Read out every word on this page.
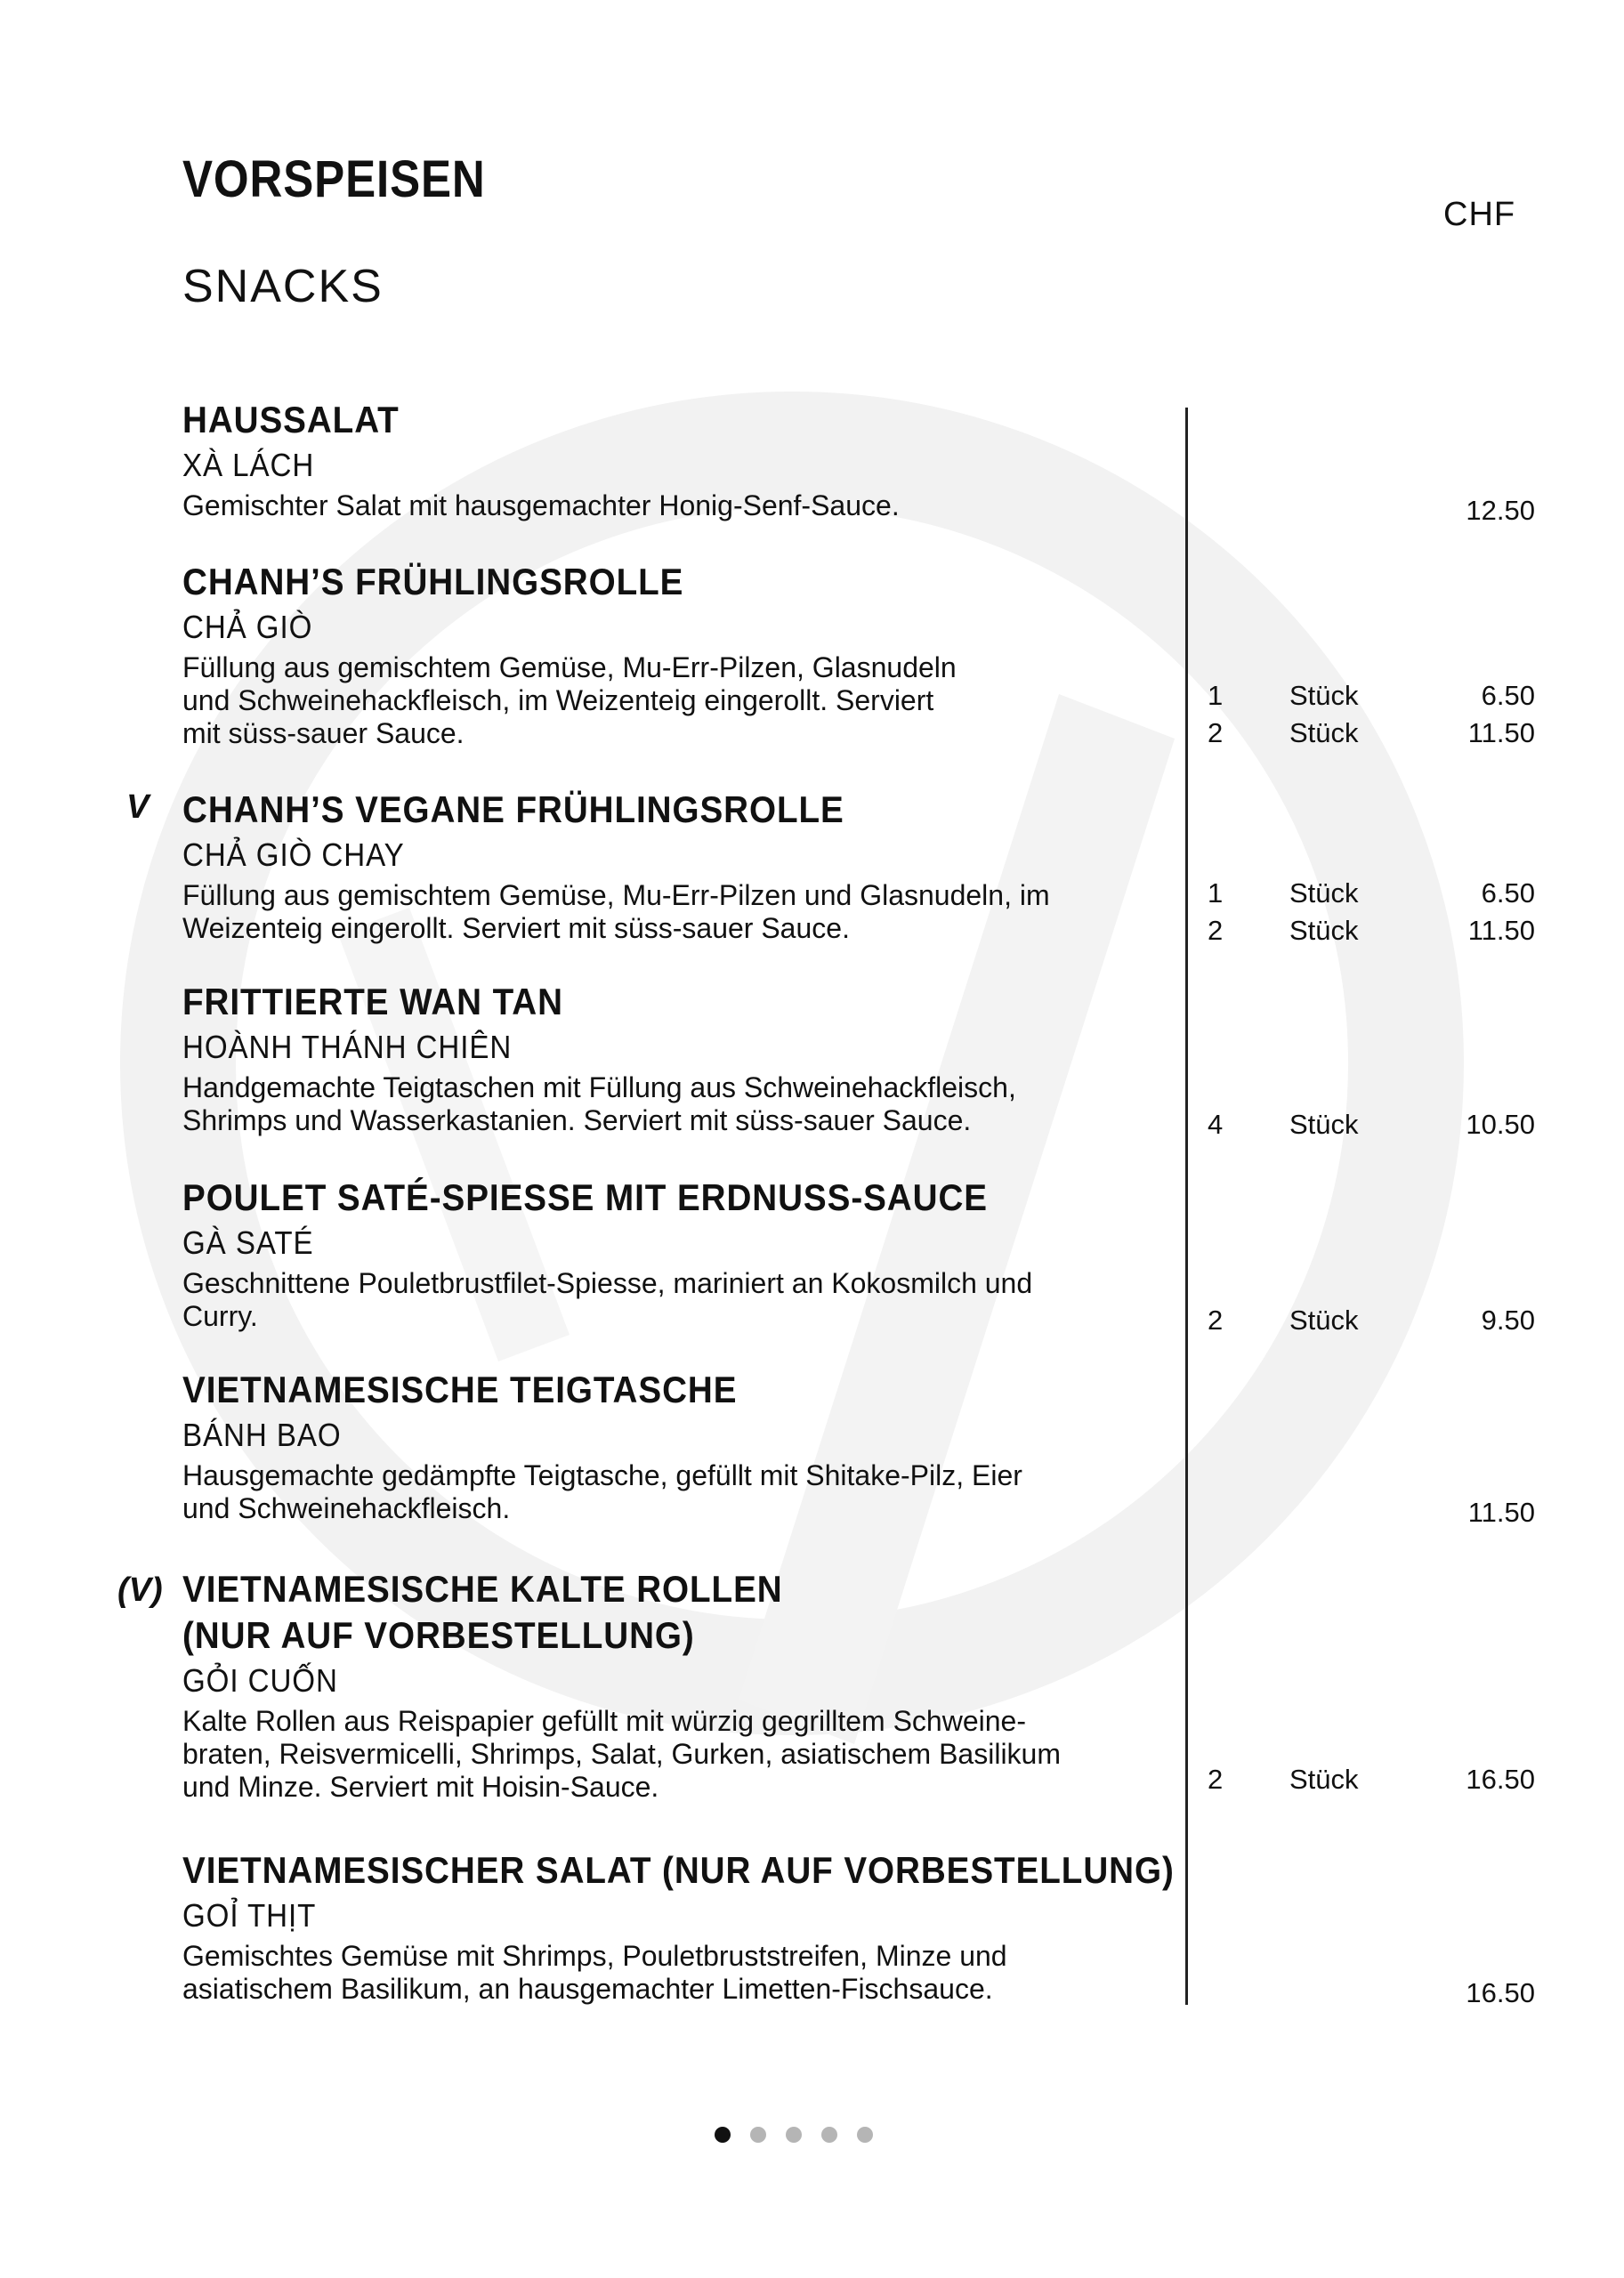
VORSPEISEN
CHF
SNACKS
HAUSSALAT
XÀ LÁCH
Gemischter Salat mit hausgemachter Honig-Senf-Sauce.	12.50
CHANH’S FRÜHLINGSROLLE
CHẢ GIÒ
Füllung aus gemischtem Gemüse, Mu-Err-Pilzen, Glasnudeln
und Schweinehackfleisch, im Weizenteig eingerollt. Serviert
mit süss-sauer Sauce.
1 Stück	6.50
2 Stück	11.50
V CHANH’S VEGANE FRÜHLINGSROLLE
CHẢ GIÒ CHAY
Füllung aus gemischtem Gemüse, Mu-Err-Pilzen und Glasnudeln, im
Weizenteig eingerollt. Serviert mit süss-sauer Sauce.
1 Stück	6.50
2 Stück	11.50
FRITTIERTE WAN TAN
HOÀNH THÁNH CHIÊN
Handgemachte Teigtaschen mit Füllung aus Schweinehackfleisch,
Shrimps und Wasserkastanien. Serviert mit süss-sauer Sauce.	4 Stück	10.50
POULET SATÉ-SPIESSE MIT ERDNUSS-SAUCE
GÀ SATÉ
Geschnittene Pouletbrustfilet-Spiesse, mariniert an Kokosmilch und
Curry.	2 Stück	9.50
VIETNAMESISCHE TEIGTASCHE
BÁNH BAO
Hausgemachte gedämpfte Teigtasche, gefüllt mit Shitake-Pilz, Eier
und Schweinehackfleisch.	11.50
(V) VIETNAMESISCHE KALTE ROLLEN
(NUR AUF VORBESTELLUNG)
GỎI CUỐN
Kalte Rollen aus Reispapier gefüllt mit würzig gegrilltem Schweine-
braten, Reisvermicelli, Shrimps, Salat, Gurken, asiatischem Basilikum
und Minze. Serviert mit Hoisin-Sauce.	2 Stück	16.50
VIETNAMESISCHER SALAT (NUR AUF VORBESTELLUNG)
GOỈ THỊT
Gemischtes Gemüse mit Shrimps, Pouletbruststreifen, Minze und
asiatischem Basilikum, an hausgemachter Limetten-Fischsauce.	16.50
